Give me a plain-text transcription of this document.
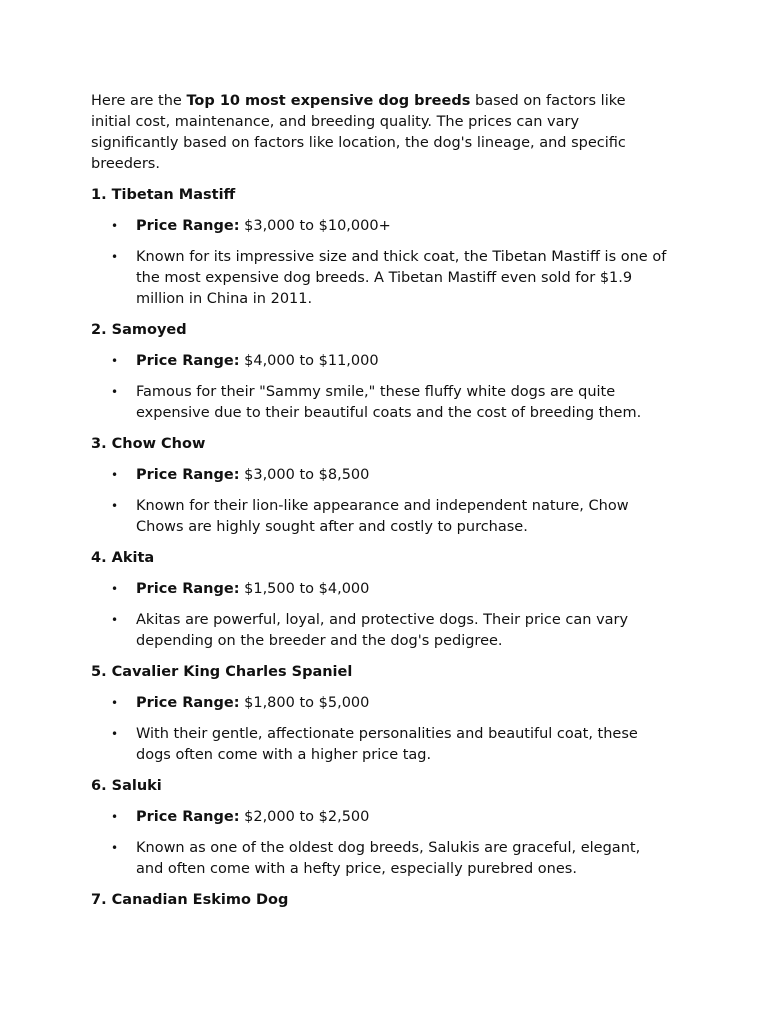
Here are the Top 10 most expensive dog breeds based on factors like initial cost, maintenance, and breeding quality. The prices can vary significantly based on factors like location, the dog's lineage, and specific breeders.

1. Tibetan Mastiff
• Price Range: $3,000 to $10,000+
• Known for its impressive size and thick coat, the Tibetan Mastiff is one of the most expensive dog breeds. A Tibetan Mastiff even sold for $1.9 million in China in 2011.
2. Samoyed
• Price Range: $4,000 to $11,000
• Famous for their "Sammy smile," these fluffy white dogs are quite expensive due to their beautiful coats and the cost of breeding them.
3. Chow Chow
• Price Range: $3,000 to $8,500
• Known for their lion-like appearance and independent nature, Chow Chows are highly sought after and costly to purchase.
4. Akita
• Price Range: $1,500 to $4,000
• Akitas are powerful, loyal, and protective dogs. Their price can vary depending on the breeder and the dog's pedigree.
5. Cavalier King Charles Spaniel
• Price Range: $1,800 to $5,000
• With their gentle, affectionate personalities and beautiful coat, these dogs often come with a higher price tag.
6. Saluki
• Price Range: $2,000 to $2,500
• Known as one of the oldest dog breeds, Salukis are graceful, elegant, and often come with a hefty price, especially purebred ones.
7. Canadian Eskimo Dog
